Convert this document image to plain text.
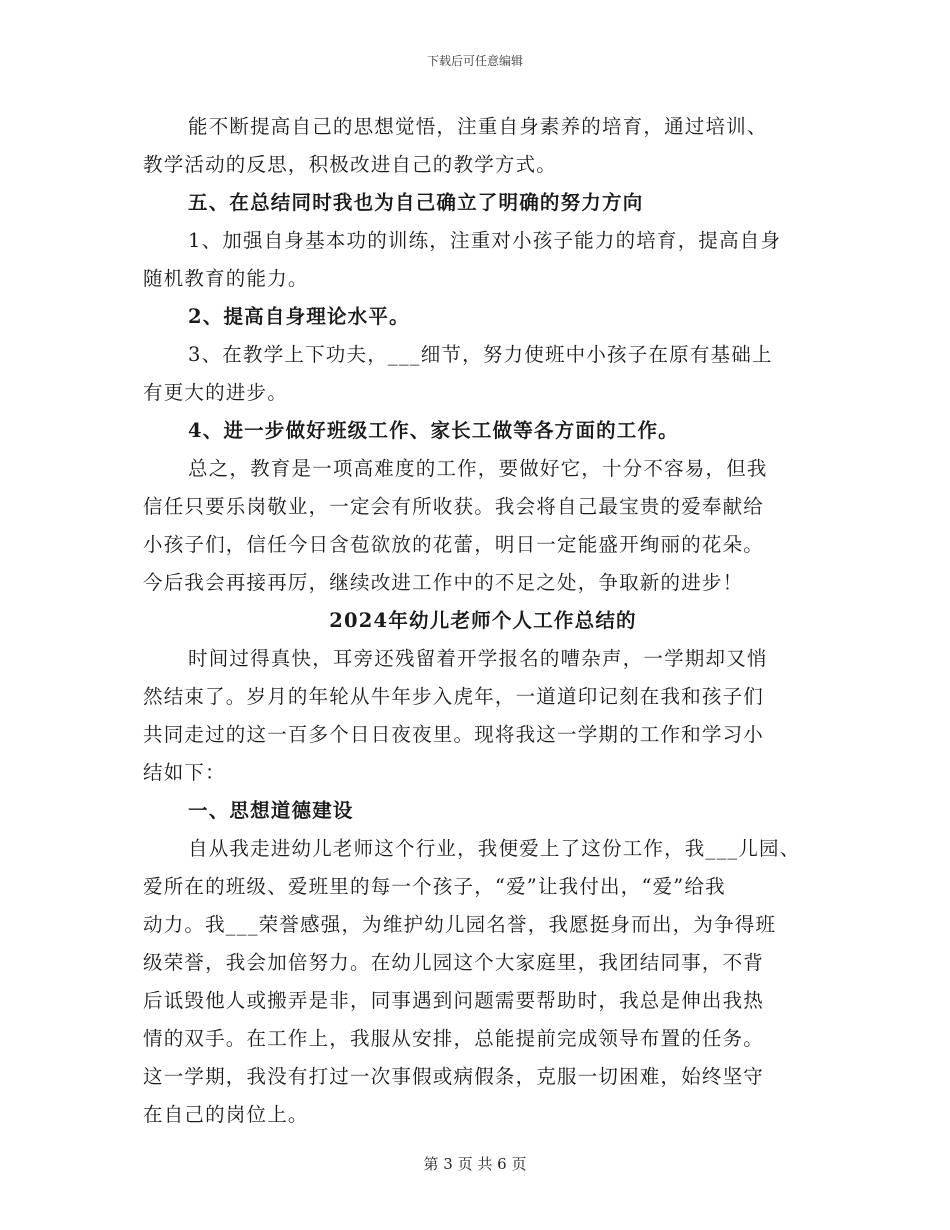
下载后可任意编辑
能不断提高自己的思想觉悟，注重自身素养的培育，通过培训、
教学活动的反思，积极改进自己的教学方式。
五、在总结同时我也为自己确立了明确的努力方向
1、加强自身基本功的训练，注重对小孩子能力的培育，提高自身
随机教育的能力。
2、提高自身理论水平。
3、在教学上下功夫，___细节，努力使班中小孩子在原有基础上
有更大的进步。
4、进一步做好班级工作、家长工做等各方面的工作。
总之，教育是一项高难度的工作，要做好它，十分不容易，但我
信任只要乐岗敬业，一定会有所收获。我会将自己最宝贵的爱奉献给
小孩子们，信任今日含苞欲放的花蕾，明日一定能盛开绚丽的花朵。
今后我会再接再厉，继续改进工作中的不足之处，争取新的进步！
2024年幼儿老师个人工作总结的
时间过得真快，耳旁还残留着开学报名的嘈杂声，一学期却又悄
然结束了。岁月的年轮从牛年步入虎年，一道道印记刻在我和孩子们
共同走过的这一百多个日日夜夜里。现将我这一学期的工作和学习小
结如下：
一、思想道德建设
自从我走进幼儿老师这个行业，我便爱上了这份工作，我___儿园、
爱所在的班级、爱班里的每一个孩子，“爱”让我付出，“爱”给我
动力。我___荣誉感强，为维护幼儿园名誉，我愿挺身而出，为争得班
级荣誉，我会加倍努力。在幼儿园这个大家庭里，我团结同事，不背
后诋毁他人或搬弄是非，同事遇到问题需要帮助时，我总是伸出我热
情的双手。在工作上，我服从安排，总能提前完成领导布置的任务。
这一学期，我没有打过一次事假或病假条，克服一切困难，始终坚守
在自己的岗位上。
第 3 页 共 6 页
